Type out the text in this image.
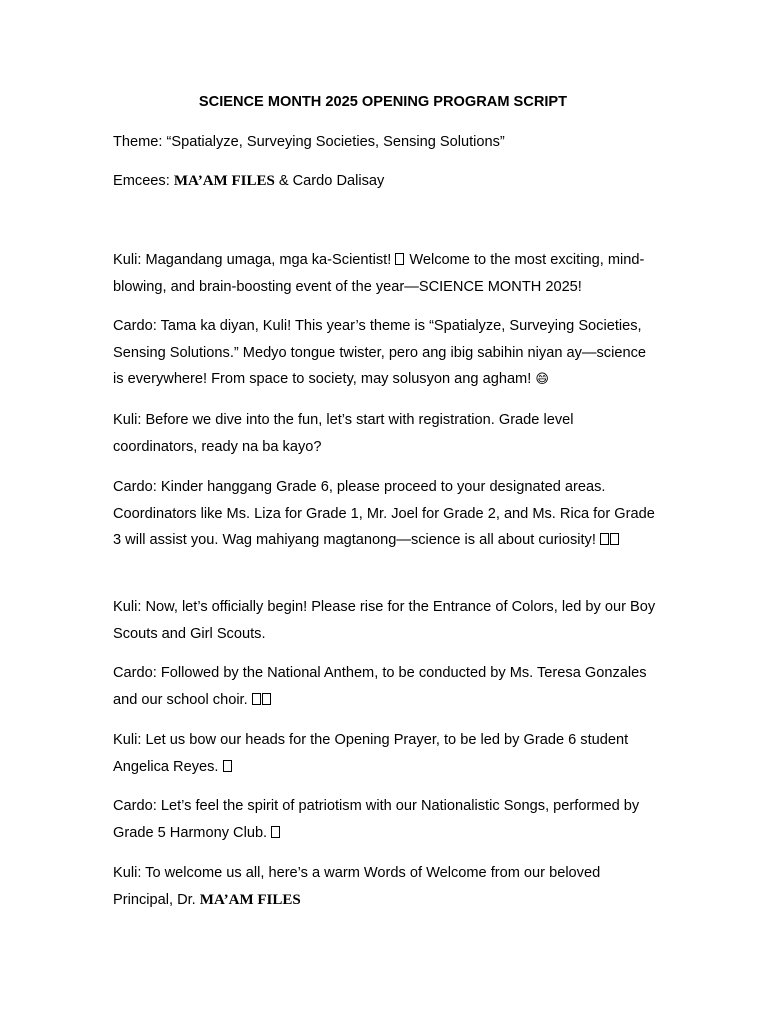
SCIENCE MONTH 2025 OPENING PROGRAM SCRIPT
Theme: “Spatialyze, Surveying Societies, Sensing Solutions”
Emcees: MA’AM FILES & Cardo Dalisay
Kuli: Magandang umaga, mga ka-Scientist!  Welcome to the most exciting, mind-blowing, and brain-boosting event of the year—SCIENCE MONTH 2025!
Cardo: Tama ka diyan, Kuli! This year’s theme is “Spatialyze, Surveying Societies, Sensing Solutions.” Medyo tongue twister, pero ang ibig sabihin niyan ay—science is everywhere! From space to society, may solusyon ang agham! 😄
Kuli: Before we dive into the fun, let’s start with registration. Grade level coordinators, ready na ba kayo?
Cardo: Kinder hanggang Grade 6, please proceed to your designated areas. Coordinators like Ms. Liza for Grade 1, Mr. Joel for Grade 2, and Ms. Rica for Grade 3 will assist you. Wag mahiyang magtanong—science is all about curiosity!
Kuli: Now, let’s officially begin! Please rise for the Entrance of Colors, led by our Boy Scouts and Girl Scouts.
Cardo: Followed by the National Anthem, to be conducted by Ms. Teresa Gonzales and our school choir.
Kuli: Let us bow our heads for the Opening Prayer, to be led by Grade 6 student Angelica Reyes.
Cardo: Let’s feel the spirit of patriotism with our Nationalistic Songs, performed by Grade 5 Harmony Club.
Kuli: To welcome us all, here’s a warm Words of Welcome from our beloved Principal, Dr. MA’AM FILES
